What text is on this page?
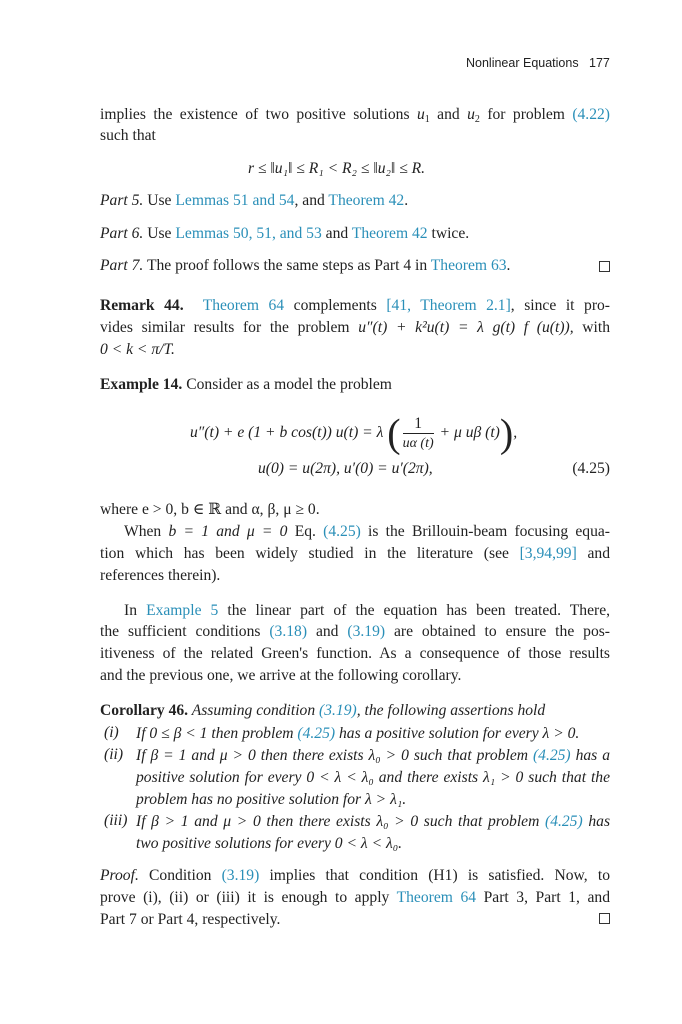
Nonlinear Equations 177
implies the existence of two positive solutions $u_1$ and $u_2$ for problem (4.22)
such that
r ≤ ‖u₁‖ ≤ R₁ < R₂ ≤ ‖u₂‖ ≤ R.
Part 5. Use Lemmas 51 and 54, and Theorem 42.
Part 6. Use Lemmas 50, 51, and 53 and Theorem 42 twice.
Part 7. The proof follows the same steps as Part 4 in Theorem 63.
Remark 44. Theorem 64 complements [41, Theorem 2.1], since it pro-
vides similar results for the problem u″(t) + k²u(t) = λ g(t) f (u(t)), with
0 < k < π/T.
Example 14. Consider as a model the problem
u″(t) + e (1 + b cos(t)) u(t) = λ ( $\frac{1}{u\alpha (t)} + \mu$ uβ (t)),
u(0) = u(2π), u′(0) = u′(2π),	(4.25)
where e > 0, b ∈ ℝ and α, β, μ ≥ 0.
When b = 1 and μ = 0 Eq. (4.25) is the Brillouin-beam focusing equa-
tion which has been widely studied in the literature (see [3,94,99] and
references therein).
In Example 5 the linear part of the equation has been treated. There,
the sufficient conditions (3.18) and (3.19) are obtained to ensure the pos-
itiveness of the related Green's function. As a consequence of those results
and the previous one, we arrive at the following corollary.
Corollary 46. Assuming condition (3.19), the following assertions hold
(i) If 0 ≤ β < 1 then problem (4.25) has a positive solution for every λ > 0.
(ii) If β = 1 and μ > 0 then there exists λ₀ > 0 such that problem (4.25) has a
positive solution for every 0 < λ < λ₀ and there exists λ₁ > 0 such that the
problem has no positive solution for λ > λ₁.
(iii) If β > 1 and μ > 0 then there exists λ₀ > 0 such that problem (4.25) has
two positive solutions for every 0 < λ < λ₀.
Proof. Condition (3.19) implies that condition (H1) is satisfied. Now, to
prove (i), (ii) or (iii) it is enough to apply Theorem 64 Part 3, Part 1, and
Part 7 or Part 4, respectively.
